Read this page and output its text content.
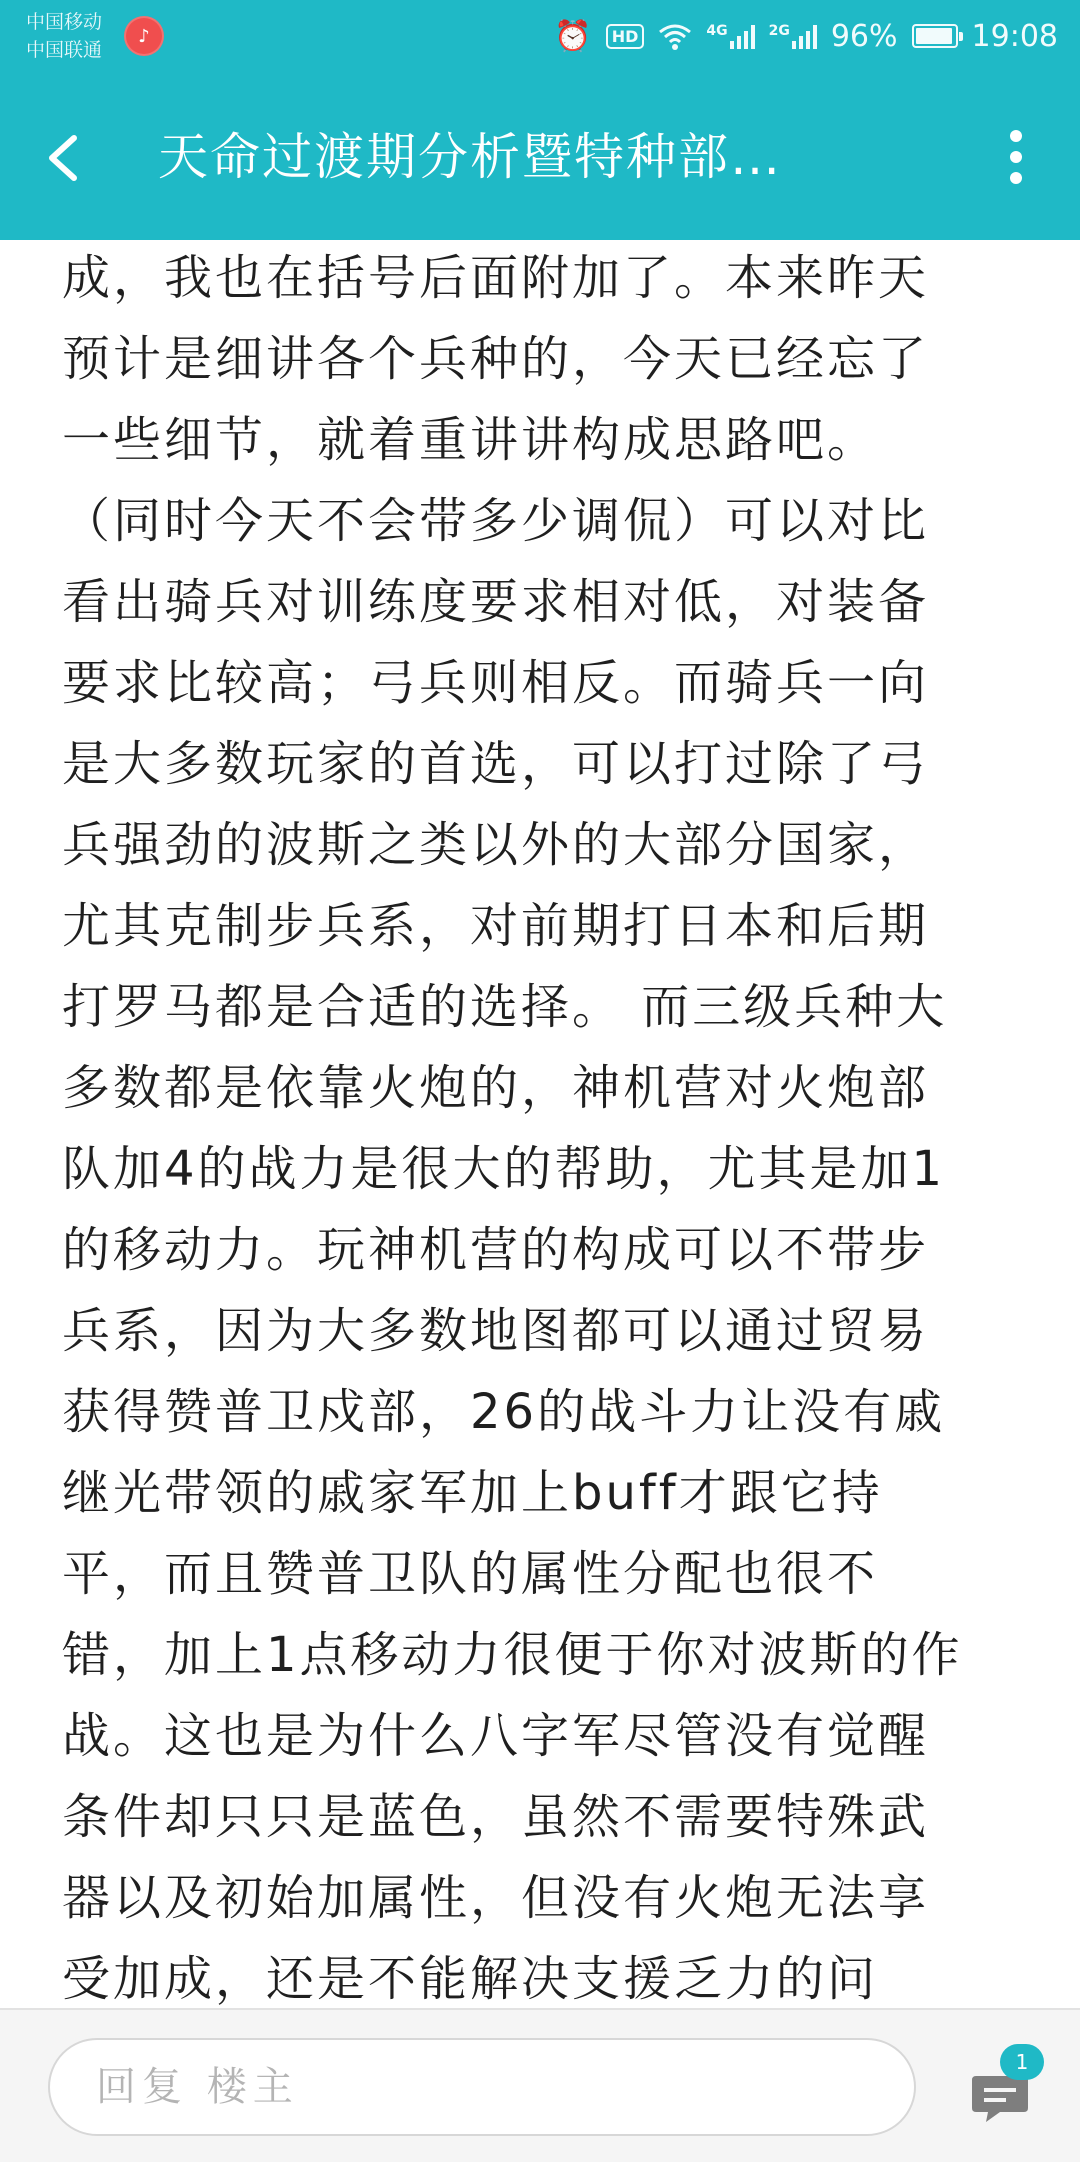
中国移动
中国联通
♪	⏰	HD	4G	2G 96% 19:08
天命过渡期分析暨特种部…
成，我也在括号后面附加了。本来昨天
预计是细讲各个兵种的，今天已经忘了
一些细节，就着重讲讲构成思路吧。
（同时今天不会带多少调侃）可以对比
看出骑兵对训练度要求相对低，对装备
要求比较高；弓兵则相反。而骑兵一向
是大多数玩家的首选，可以打过除了弓
兵强劲的波斯之类以外的大部分国家，
尤其克制步兵系，对前期打日本和后期
打罗马都是合适的选择。 而三级兵种大
多数都是依靠火炮的，神机营对火炮部
队加4的战力是很大的帮助，尤其是加1
的移动力。玩神机营的构成可以不带步
兵系，因为大多数地图都可以通过贸易
获得赞普卫戍部，26的战斗力让没有戚
继光带领的戚家军加上buff才跟它持
平，而且赞普卫队的属性分配也很不
错，加上1点移动力很便于你对波斯的作
战。这也是为什么八字军尽管没有觉醒
条件却只只是蓝色，虽然不需要特殊武
器以及初始加属性，但没有火炮无法享
受加成，还是不能解决支援乏力的问
回复 楼主
1
